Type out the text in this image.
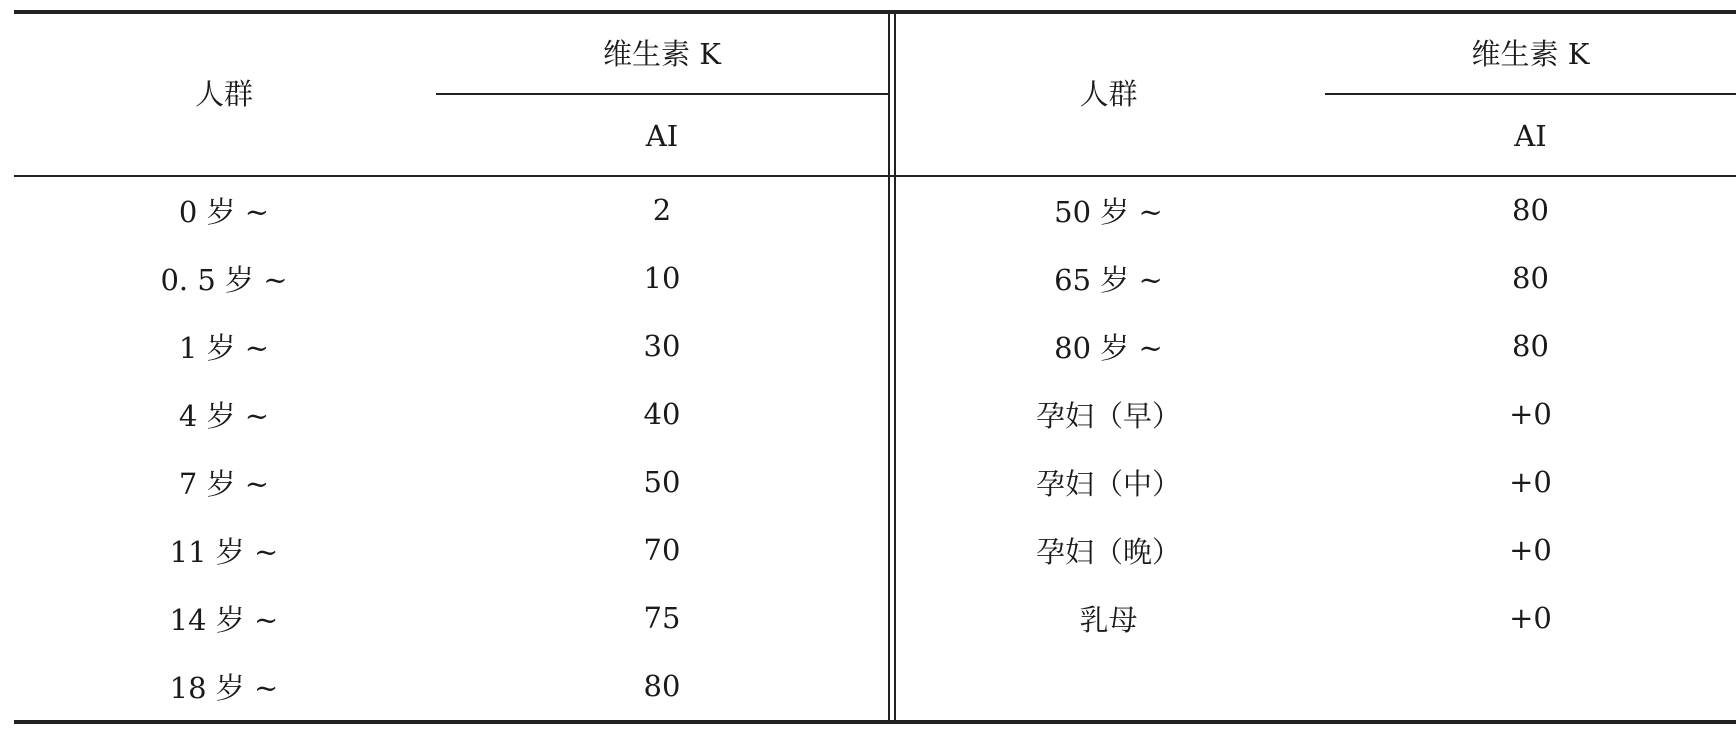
人群
维生素 K
AI
人群
维生素 K
AI
0 岁 ~	2
0. 5 岁 ~	10
1 岁 ~	30
4 岁 ~	40
7 岁 ~	50
11 岁 ~	70
14 岁 ~	75
18 岁 ~	80
50 岁 ~	80
65 岁 ~	80
80 岁 ~	80
孕妇（早）	+0
孕妇（中）	+0
孕妇（晚）	+0
乳母	+0
